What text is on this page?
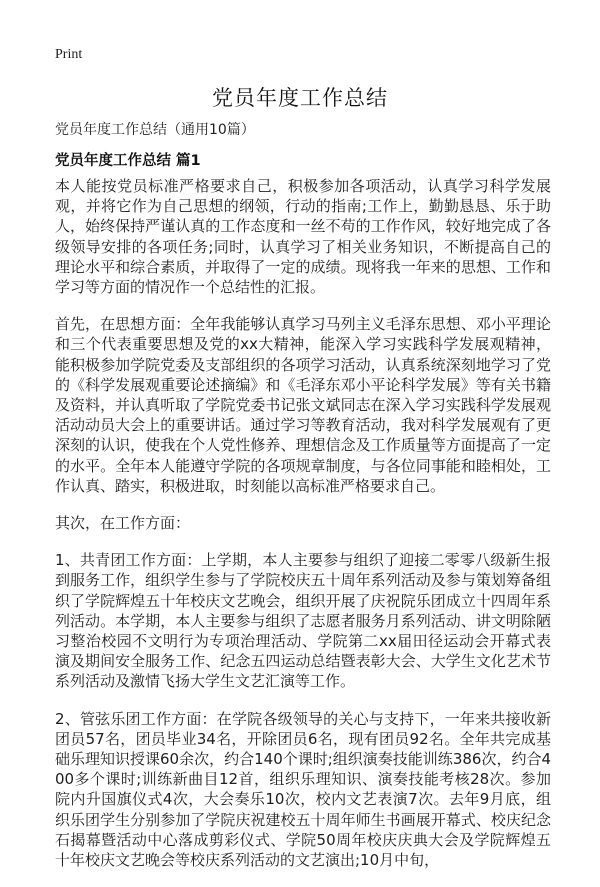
Print
党员年度工作总结
党员年度工作总结（通用10篇）
党员年度工作总结 篇1

本人能按党员标准严格要求自己，积极参加各项活动，认真学习科学发展观，并将它作为自己思想的纲领，行动的指南;工作上，勤勤恳恳、乐于助人，始终保持严谨认真的工作态度和一丝不苟的工作作风，较好地完成了各级领导安排的各项任务;同时，认真学习了相关业务知识，不断提高自己的理论水平和综合素质，并取得了一定的成绩。现将我一年来的思想、工作和学习等方面的情况作一个总结性的汇报。

首先，在思想方面：全年我能够认真学习马列主义毛泽东思想、邓小平理论和三个代表重要思想及党的xx大精神，能深入学习实践科学发展观精神，能积极参加学院党委及支部组织的各项学习活动，认真系统深刻地学习了党的《科学发展观重要论述摘编》和《毛泽东邓小平论科学发展》等有关书籍及资料，并认真听取了学院党委书记张文斌同志在深入学习实践科学发展观活动动员大会上的重要讲话。通过学习等教育活动，我对科学发展观有了更深刻的认识，使我在个人党性修养、理想信念及工作质量等方面提高了一定的水平。全年本人能遵守学院的各项规章制度，与各位同事能和睦相处，工作认真、踏实，积极进取，时刻能以高标准严格要求自己。

其次，在工作方面：

1、共青团工作方面：上学期，本人主要参与组织了迎接二零零八级新生报到服务工作，组织学生参与了学院校庆五十周年系列活动及参与策划筹备组织了学院辉煌五十年校庆文艺晚会，组织开展了庆祝院乐团成立十四周年系列活动。本学期，本人主要参与组织了志愿者服务月系列活动、讲文明除陋习整治校园不文明行为专项治理活动、学院第二xx届田径运动会开幕式表演及期间安全服务工作、纪念五四运动总结暨表彰大会、大学生文化艺术节系列活动及激情飞扬大学生文艺汇演等工作。

2、管弦乐团工作方面：在学院各级领导的关心与支持下，一年来共接收新团员57名，团员毕业34名，开除团员6名，现有团员92名。全年共完成基础乐理知识授课60余次，约合140个课时;组织演奏技能训练386次，约合400多个课时;训练新曲目12首，组织乐理知识、演奏技能考核28次。参加院内升国旗仪式4次，大会奏乐10次，校内文艺表演7次。去年9月底，组织乐团学生分别参加了学院庆祝建校五十周年师生书画展开幕式、校庆纪念石揭幕暨活动中心落成剪彩仪式、学院50周年校庆庆典大会及学院辉煌五十年校庆文艺晚会等校庆系列活动的文艺演出;10月中旬，
